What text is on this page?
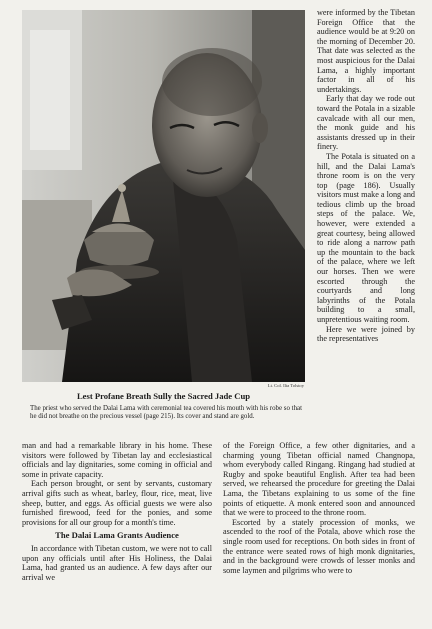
Lt. Col. Ilia Tolstoy
Lest Profane Breath Sully the Sacred Jade Cup
The priest who served the Dalai Lama with ceremonial tea covered his mouth with his robe so that he did not breathe on the precious vessel (page 215). Its cover and stand are gold.

were informed by the Tibetan Foreign Office that the audience would be at 9:20 on the morning of December 20. That date was selected as the most auspicious for the Dalai Lama, a highly important factor in all of his undertakings.

Early that day we rode out toward the Potala in a sizable cavalcade with all our men, the monk guide and his assistants dressed up in their finery.

The Potala is situated on a hill, and the Dalai Lama's throne room is on the very top (page 186). Usually visitors must make a long and tedious climb up the broad steps of the palace. We, however, were extended a great courtesy, being allowed to ride along a narrow path up the mountain to the back of the palace, where we left our horses. Then we were escorted through the courtyards and long labyrinths of the Potala building to a small, unpretentious waiting room.

Here we were joined by the representatives

man and had a remarkable library in his home. These visitors were followed by Tibetan lay and ecclesiastical officials and lay dignitaries, some coming in official and some in private capacity.

Each person brought, or sent by servants, customary arrival gifts such as wheat, barley, flour, rice, meat, live sheep, butter, and eggs. As official guests we were also furnished firewood, feed for the ponies, and some provisions for all our group for a month's time.

The Dalai Lama Grants Audience

In accordance with Tibetan custom, we were not to call upon any officials until after His Holiness, the Dalai Lama, had granted us an audience. A few days after our arrival we

of the Foreign Office, a few other dignitaries, and a charming young Tibetan official named Changnopa, whom everybody called Ringang. Ringang had studied at Rugby and spoke beautiful English. After tea had been served, we rehearsed the procedure for greeting the Dalai Lama, the Tibetans explaining to us some of the fine points of etiquette. A monk entered soon and announced that we were to proceed to the throne room.

Escorted by a stately procession of monks, we ascended to the roof of the Potala, above which rose the single room used for receptions. On both sides in front of the entrance were seated rows of high monk dignitaries, and in the background were crowds of lesser monks and some laymen and pilgrims who were to
